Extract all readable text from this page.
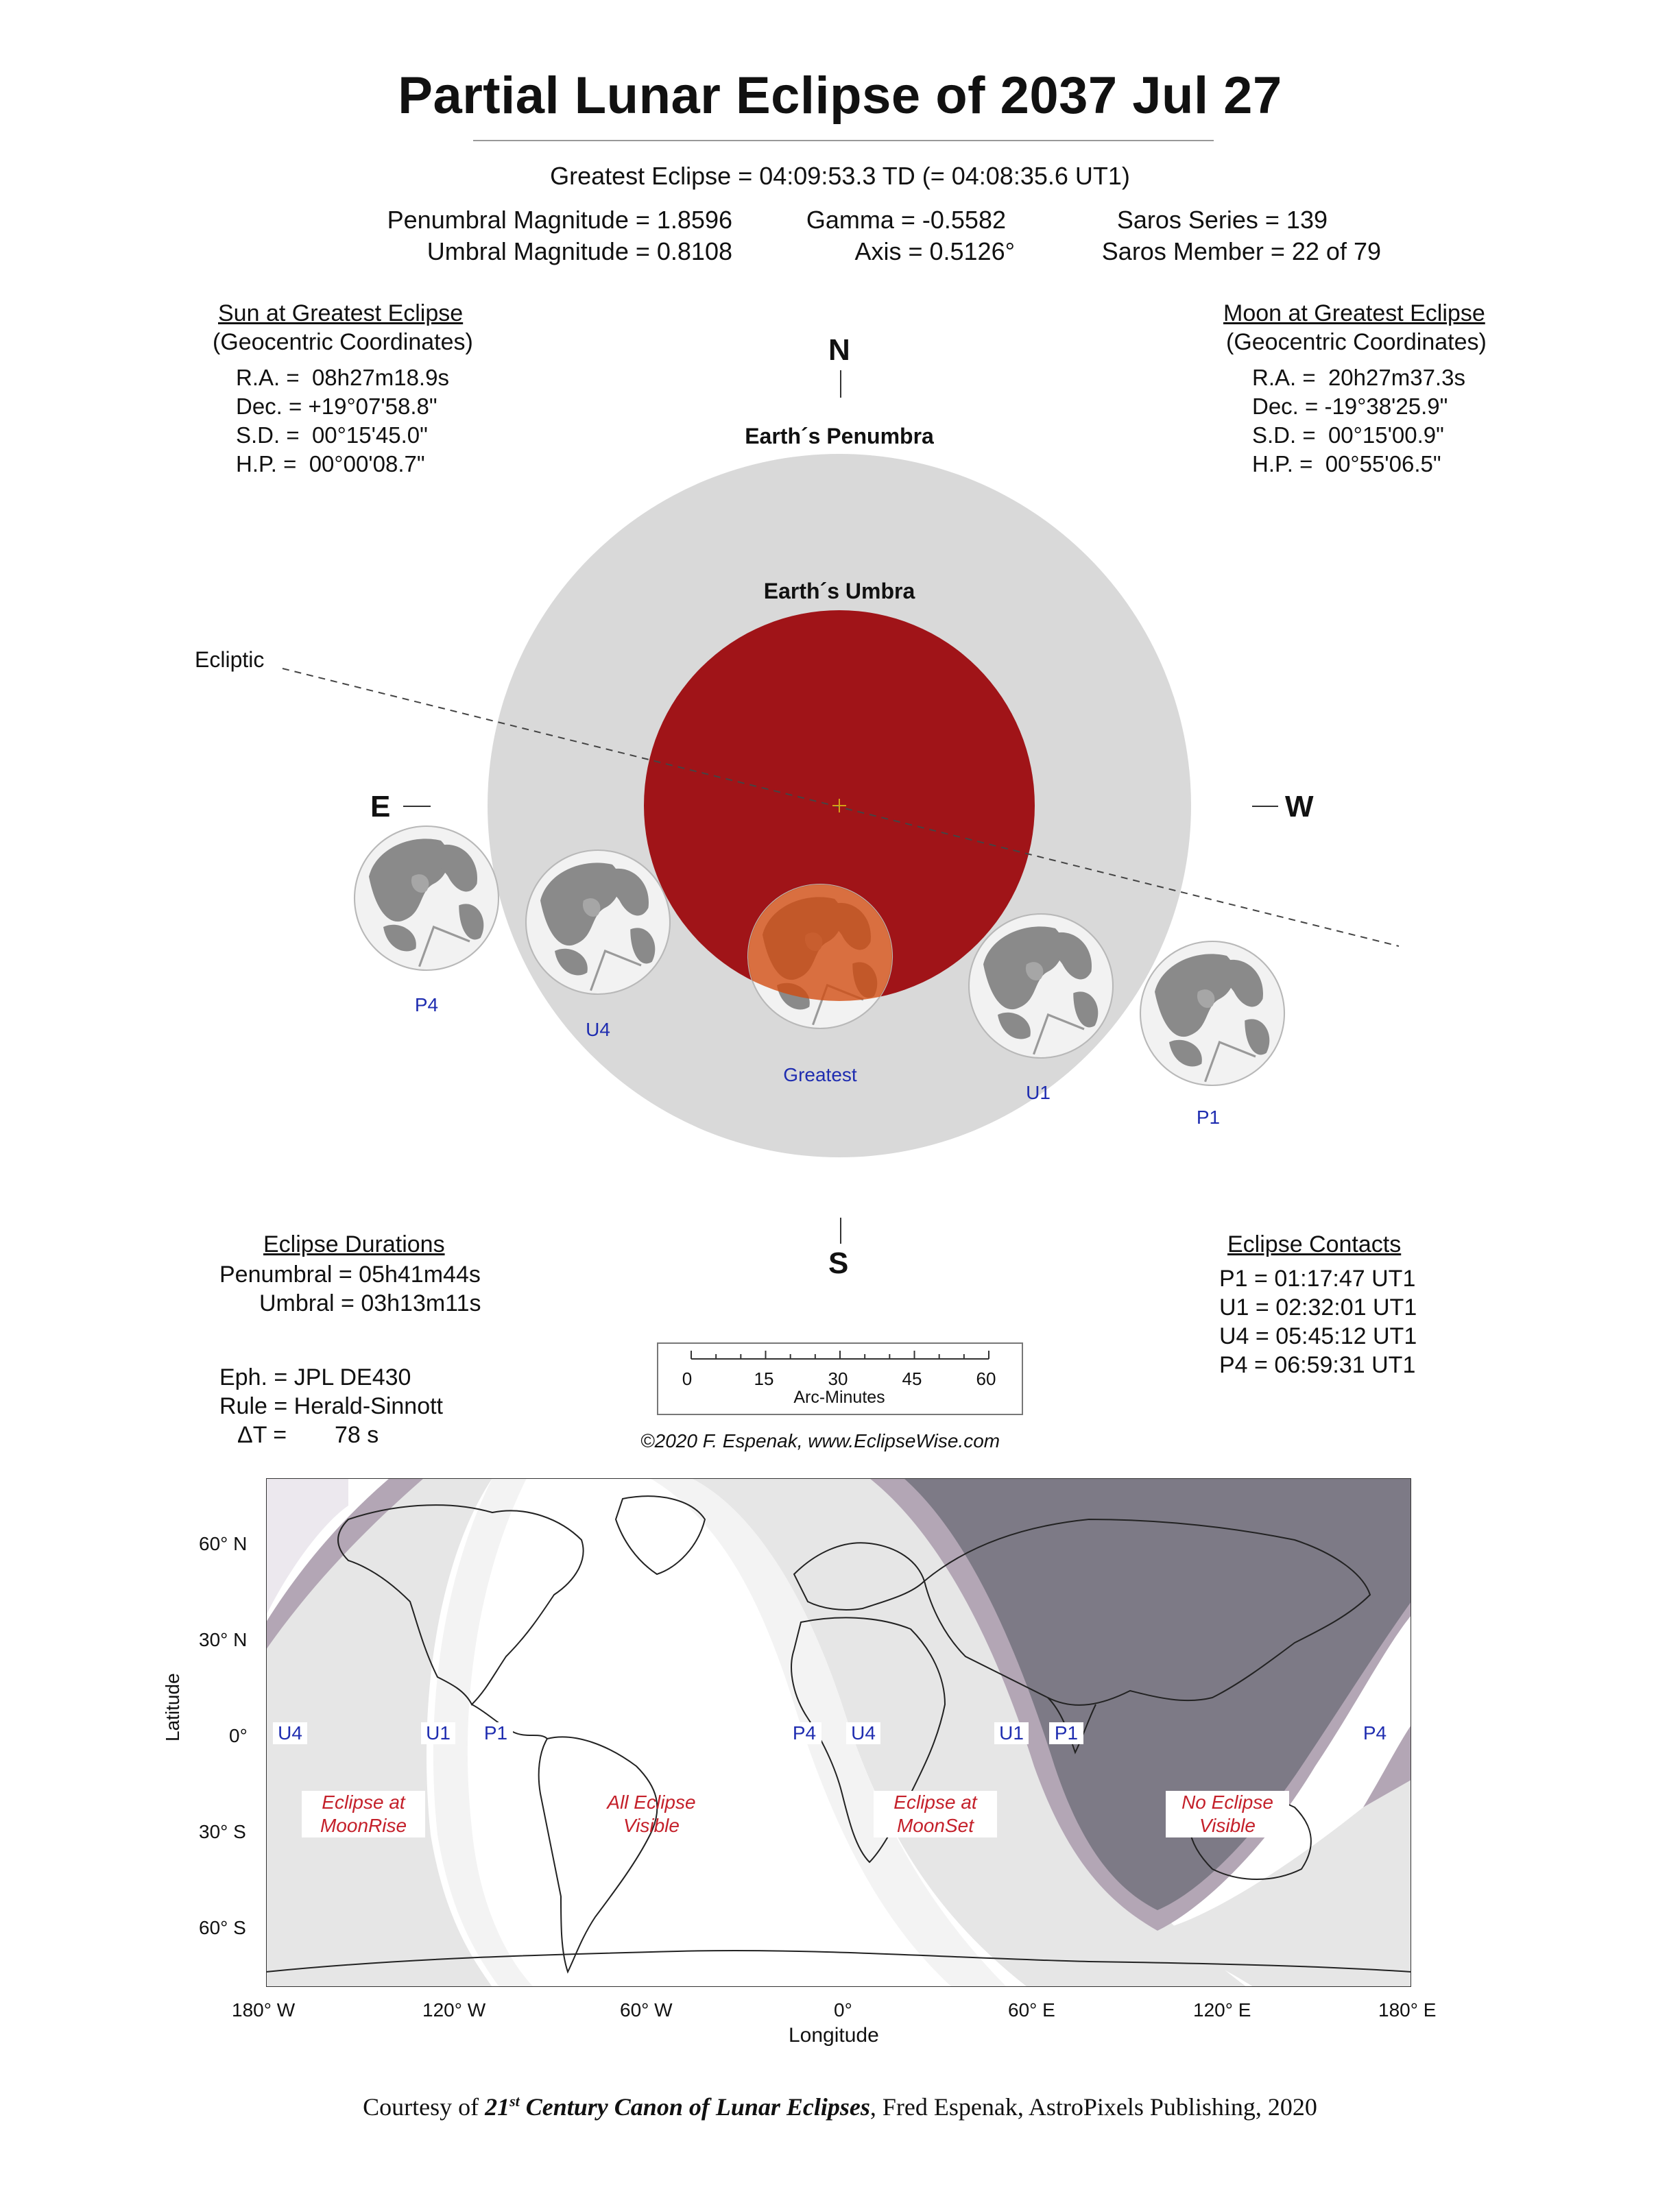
Partial Lunar Eclipse of 2037 Jul 27
Greatest Eclipse = 04:09:53.3 TD (= 04:08:35.6 UT1)
Penumbral Magnitude = 1.8596
Umbral Magnitude = 0.8108
Gamma = -0.5582
Axis = 0.5126°
Saros Series = 139
Saros Member = 22 of 79
Sun at Greatest Eclipse
(Geocentric Coordinates)
R.A. =  08h27m18.9s
Dec. = +19°07'58.8"
S.D. =  00°15'45.0"
H.P. =  00°00'08.7"
Moon at Greatest Eclipse
(Geocentric Coordinates)
R.A. =  20h27m37.3s
Dec. = -19°38'25.9"
S.D. =  00°15'00.9"
H.P. =  00°55'06.5"
N
S
E	W
Earth´s Penumbra
Earth´s Umbra
Ecliptic
P4
U4
Greatest
U1
P1
Eclipse Durations
Penumbral = 05h41m44s
Umbral = 03h13m11s
Eclipse Contacts
P1 = 01:17:47 UT1
U1 = 02:32:01 UT1
U4 = 05:45:12 UT1
P4 = 06:59:31 UT1
Eph. = JPL DE430
Rule = Herald-Sinnott
ΔT = 78 s
0	15	30	45	60
Arc-Minutes
©2020 F. Espenak, www.EclipseWise.com
60° N
30° N
0°
30° S
60° S
Latitude
180° W	120° W	60° W	0°	60° E	120° E	180° E
Longitude
U4	U1 P1	P4 U4	U1 P1	P4
Eclipse at
MoonRise
All Eclipse
Visible
Eclipse at
MoonSet
No Eclipse
Visible
Courtesy of 21st Century Canon of Lunar Eclipses, Fred Espenak, AstroPixels Publishing, 2020
